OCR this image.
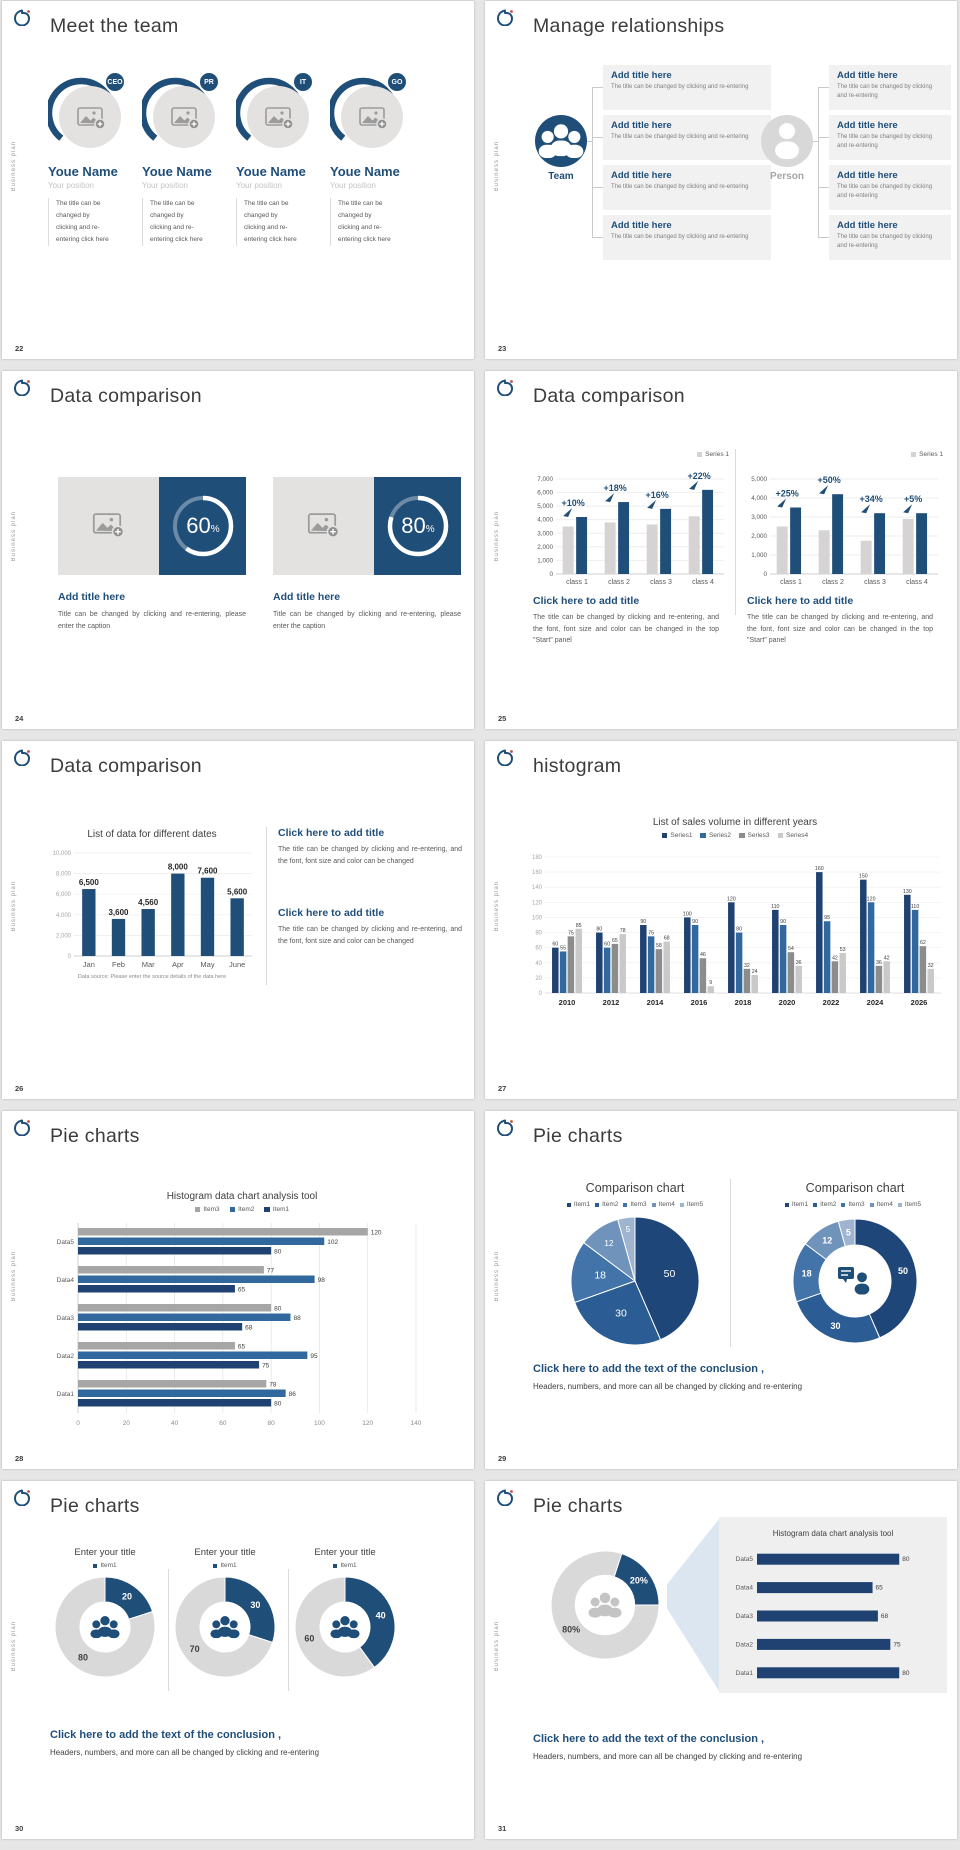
Business plan
Meet the team
CEO
Youe Name
Your position
The title can be changed by clicking and re-entering click here
PR
Youe Name
Your position
The title can be changed by clicking and re-entering click here
IT
Youe Name
Your position
The title can be changed by clicking and re-entering click here
GO
Youe Name
Your position
The title can be changed by clicking and re-entering click here
22
Business plan
Manage relationships
Team
Add title here

The title can be changed by clicking and re-entering

Add title here

The title can be changed by clicking and re-entering

Add title here

The title can be changed by clicking and re-entering

Add title here

The title can be changed by clicking and re-entering

Person
Add title here

The title can be changed by clicking and re-entering

Add title here

The title can be changed by clicking and re-entering

Add title here

The title can be changed by clicking and re-entering

Add title here

The title can be changed by clicking and re-entering

23
Business plan
Data comparison
60%
Add title here
Title can be changed by clicking and re-entering, please enter the caption
80%
Add title here
Title can be changed by clicking and re-entering, please enter the caption
24
Business plan
Data comparison
Series 1
0
1,000
2,000
3,000
4,000
5,000
6,000
7,000
class 1
+10%
class 2
+18%
class 3
+16%
class 4
+22%
Click here to add title
The title can be changed by clicking and re-entering, and the font, font size and color can be changed in the top "Start" panel
Series 1
0
1,000
2,000
3,000
4,000
5,000
class 1
+25%
class 2
+50%
class 3
+34%
class 4
+5%
Click here to add title
The title can be changed by clicking and re-entering, and the font, font size and color can be changed in the top "Start" panel
25
Business plan
Data comparison
List of data for different dates
0
2,000
4,000
6,000
8,000
10,000
6,500
Jan
3,600
Feb
4,560
Mar
8,000
Apr
7,600
May
5,600
June
Data source: Please enter the source details of the data here
Click here to add title
The title can be changed by clicking and re-entering, and the font, font size and color can be changed
Click here to add title
The title can be changed by clicking and re-entering, and the font, font size and color can be changed
26
Business plan
histogram
List of sales volume in different years
Series1	Series2	Series3	Series4
0
20
40
60
80
100
120
140
160
180
2010
60
55
75
85
2012
80
60
65
78
2014
90
75
58
68
2016
100
90
46
9
2018
120
80
32
24
2020
110
90
54
36
2022
160
95
42
53
2024
150
120
36
42
2026
130
110
62
32
27
Business plan
Pie charts
Histogram data chart analysis tool
Item3	Item2	Item1
0	20	40	60	80	100	120	140
Data5
120
102
80
Data4
77
98
65
Data3
80
88
68
Data2
65
95
75
Data1
78
86
80
28
Business plan
Pie charts
Comparison chart
Item1 Item2 Item3 Item4 Item5
50
30
18
12
5
Comparison chart
Item1 Item2 Item3 Item4 Item5
50
30
18
12
5
Click here to add the text of the conclusion ,
Headers, numbers, and more can all be changed by clicking and re-entering
29
Business plan
Pie charts
Enter your title
Item1
20
80
Enter your title
Item1
30
70
Enter your title
Item1
40
60
Click here to add the text of the conclusion ,
Headers, numbers, and more can all be changed by clicking and re-entering
30
Business plan
Pie charts
20%
80%
Histogram data chart analysis tool
Data5	80
Data4	65
Data3	68
Data2	75
Data1	80
Click here to add the text of the conclusion ,
Headers, numbers, and more can all be changed by clicking and re-entering
31
